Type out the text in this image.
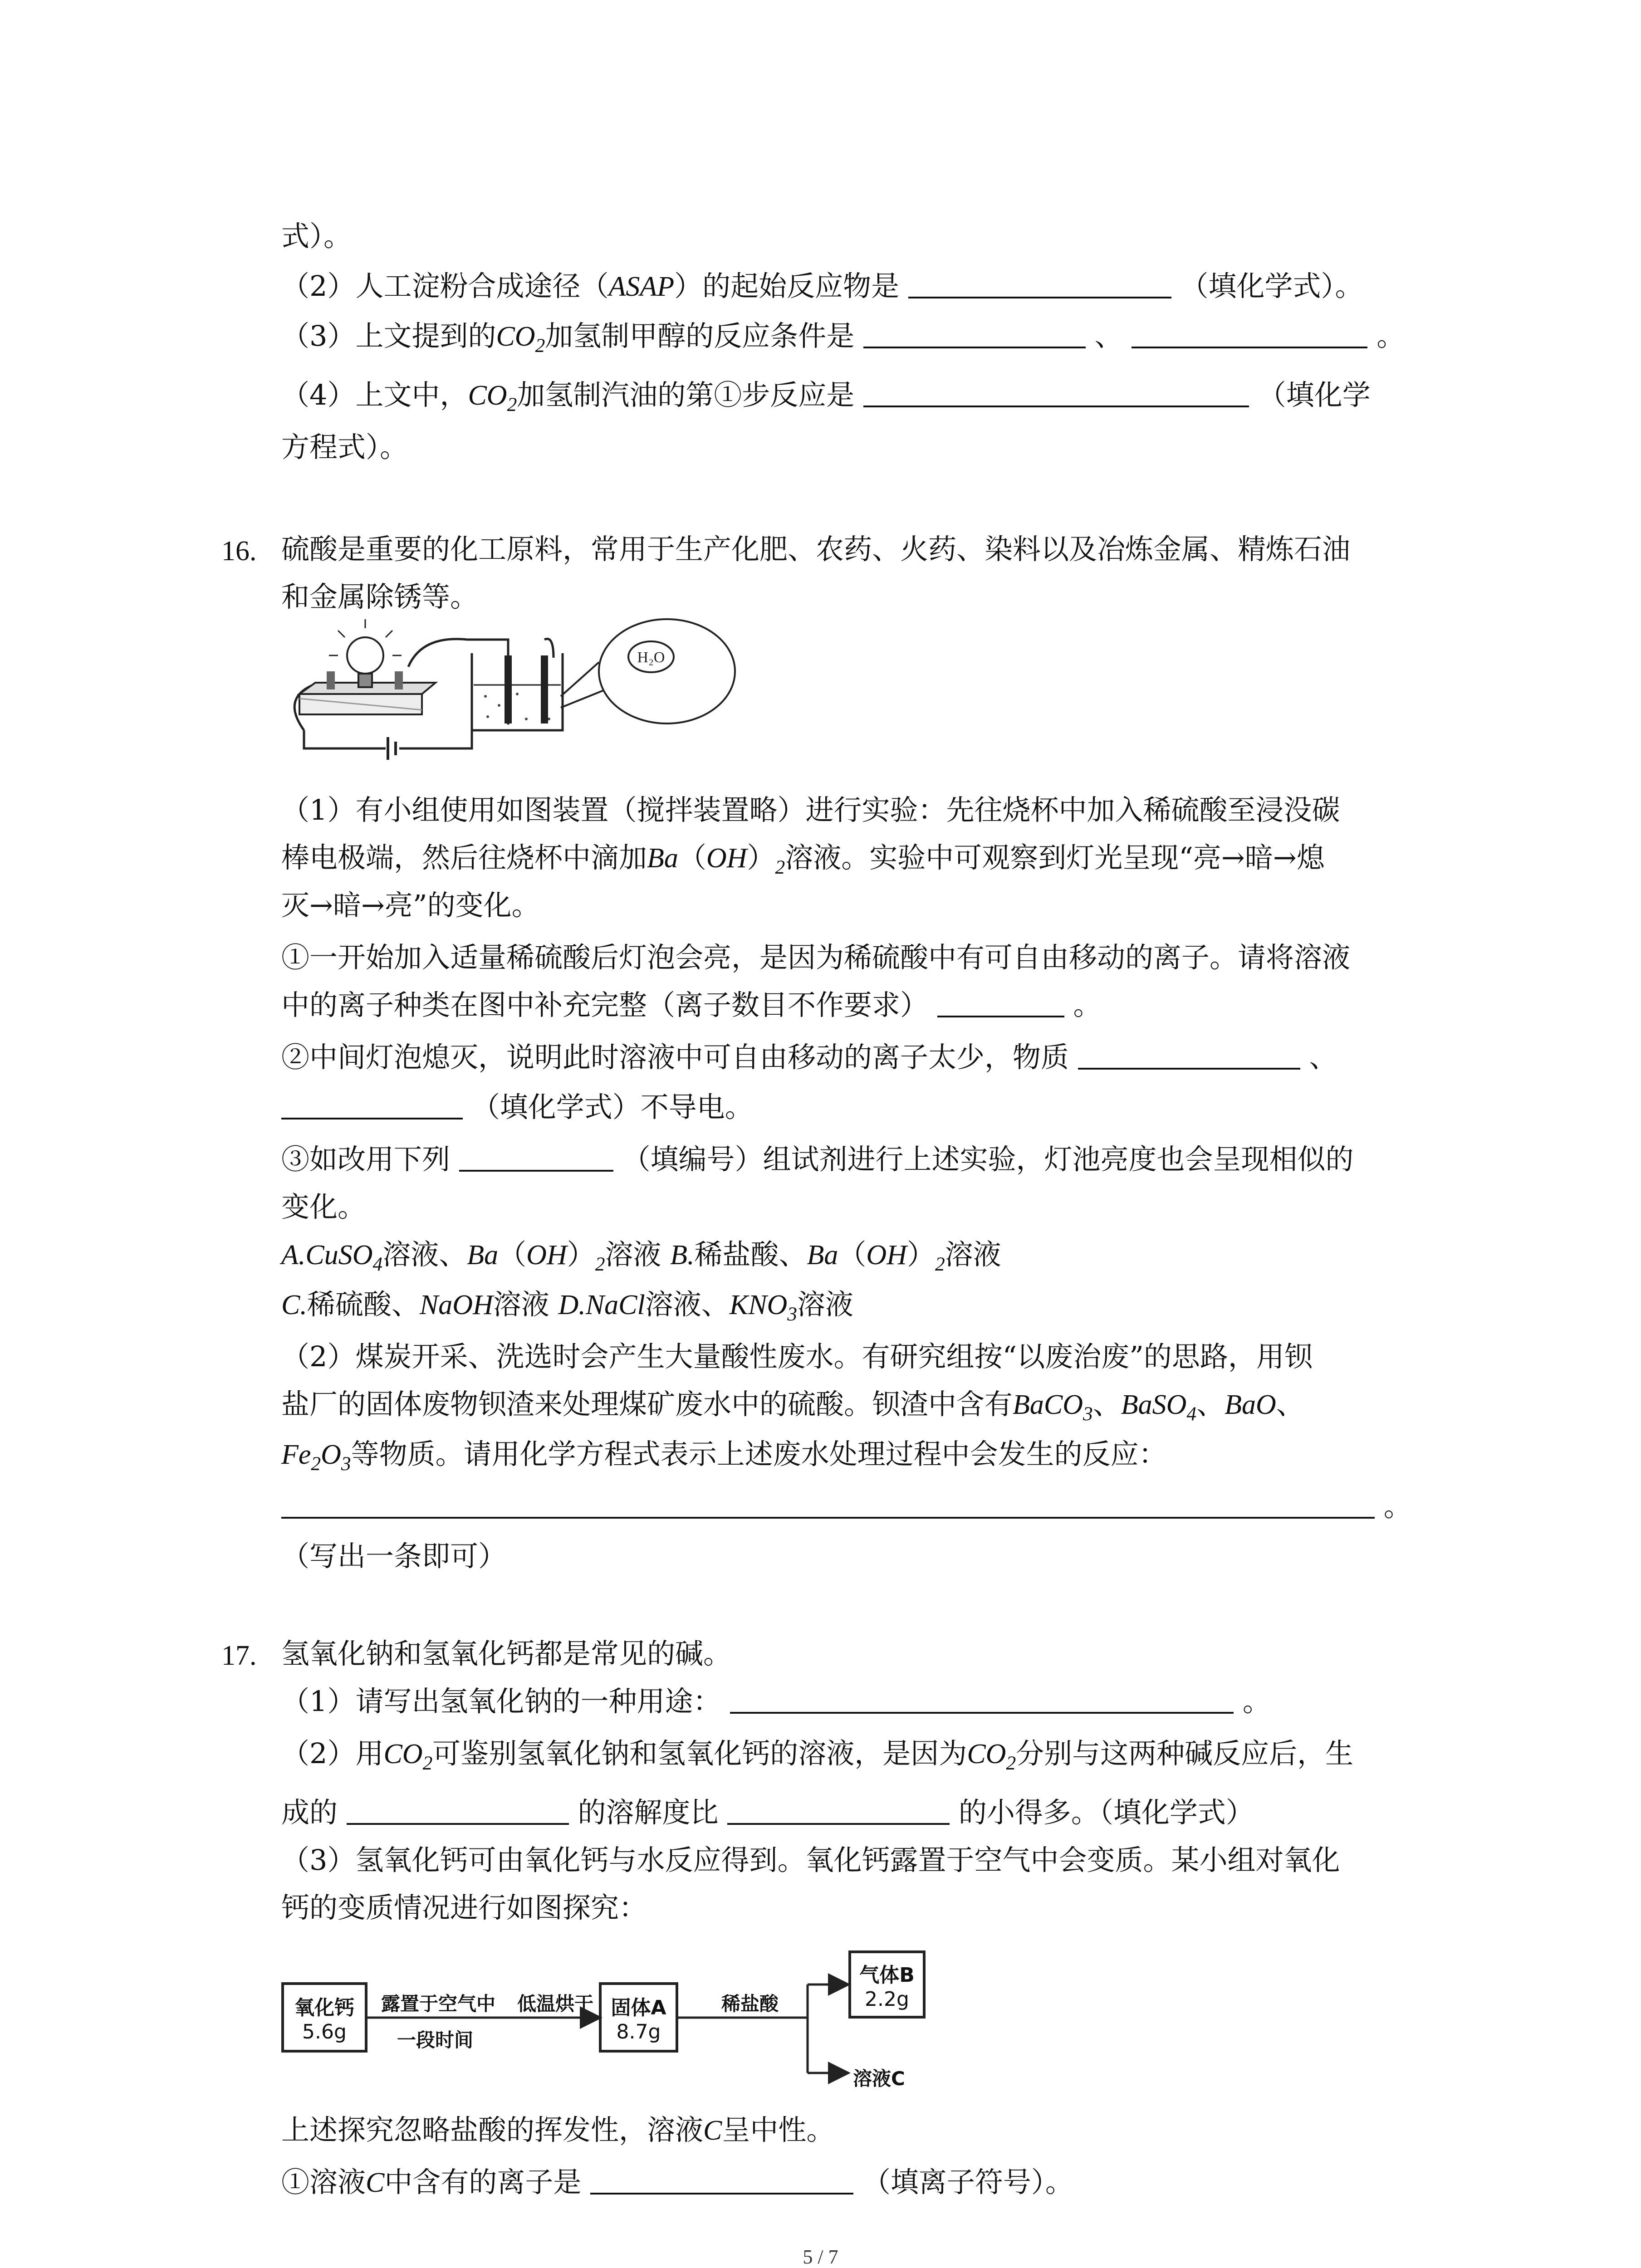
式）。
（2）人工淀粉合成途径（ASAP）的起始反应物是	（填化学式）。
（3）上文提到的$CO_2$加氢制甲醇的反应条件是	、	。
（4）上文中，$CO_2$加氢制汽油的第①步反应是	（填化学
方程式）。
16. 硫酸是重要的化工原料，常用于生产化肥、农药、火药、染料以及冶炼金属、精炼石油
和金属除锈等。
H₂O
（1）有小组使用如图装置（搅拌装置略）进行实验：先往烧杯中加入稀硫酸至浸没碳
棒电极端，然后往烧杯中滴加$Ba(OH)_2$溶液。实验中可观察到灯光呈现“亮→暗→熄
灭→暗→亮”的变化。
①一开始加入适量稀硫酸后灯泡会亮，是因为稀硫酸中有可自由移动的离子。请将溶液
中的离子种类在图中补充完整（离子数目不作要求）	。
②中间灯泡熄灭，说明此时溶液中可自由移动的离子太少，物质	、
（填化学式）不导电。
③如改用下列	（填编号）组试剂进行上述实验，灯池亮度也会呈现相似的
变化。
A.CuSO$_4$溶液、$Ba(OH)_2$溶液 B.稀盐酸、$Ba(OH)_2$溶液
C.稀硫酸、NaOH溶液 D.NaCl溶液、$KNO_3$溶液
（2）煤炭开采、洗选时会产生大量酸性废水。有研究组按“以废治废”的思路，用钡
盐厂的固体废物钡渣来处理煤矿废水中的硫酸。钡渣中含有BaCO$_3$、BaSO$_4$、BaO、
$Fe_2O_3$等物质。请用化学方程式表示上述废水处理过程中会发生的反应：
。
（写出一条即可）
17. 氢氧化钠和氢氧化钙都是常见的碱。
（1）请写出氢氧化钠的一种用途：	。
（2）用$CO_2$可鉴别氢氧化钠和氢氧化钙的溶液，是因为$CO_2$分别与这两种碱反应后，生
成的	的溶解度比	的小得多。（填化学式）
（3）氢氧化钙可由氧化钙与水反应得到。氧化钙露置于空气中会变质。某小组对氧化
钙的变质情况进行如图探究：
氧化钙
5.6g
露置于空气中
一段时间
低温烘干 固体A
8.7g
稀盐酸
气体B
2.2g
溶液C
上述探究忽略盐酸的挥发性，溶液C呈中性。
①溶液C中含有的离子是	（填离子符号）。
5 / 7
